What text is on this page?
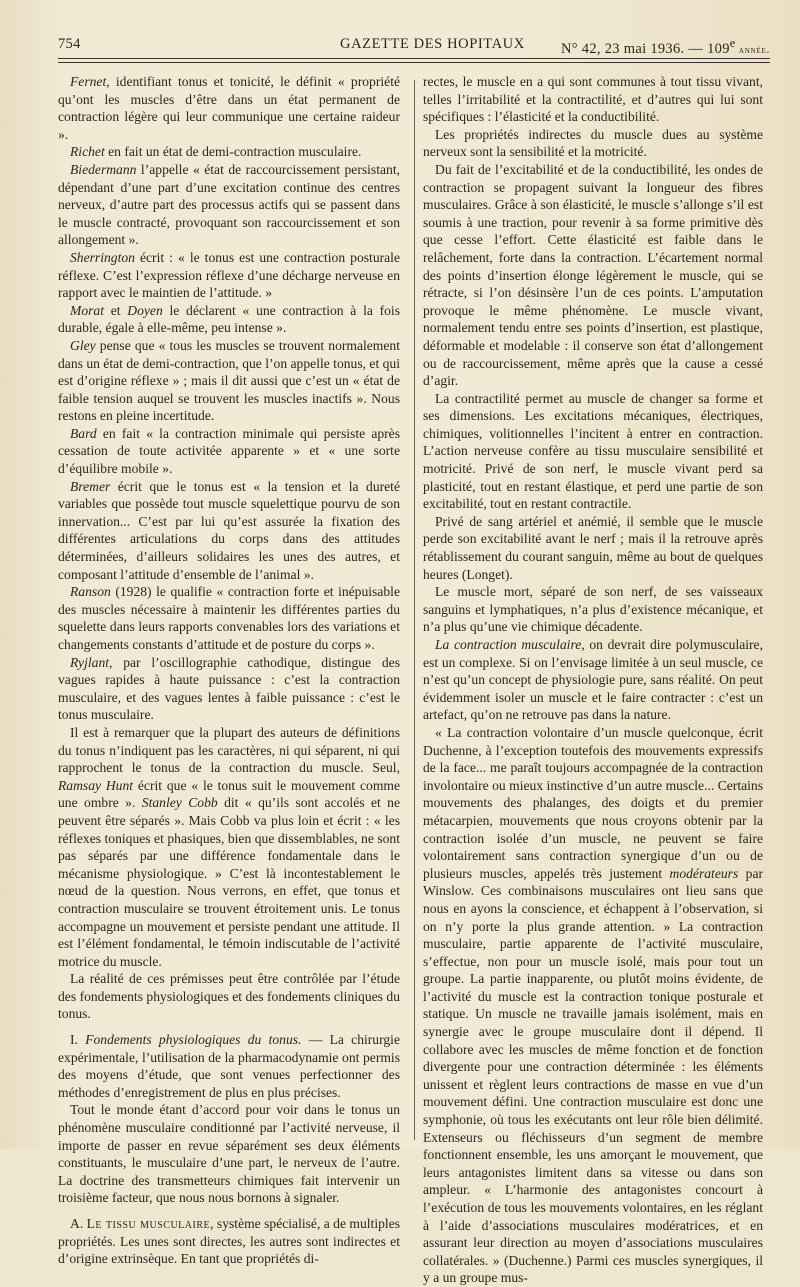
754	GAZETTE DES HOPITAUX N° 42, 23 mai 1936. — 109e année.

Fernet, identifiant tonus et tonicité, le définit « propriété qu’ont les muscles d’être dans un état permanent de contraction légère qui leur communique une certaine raideur ».

Richet en fait un état de demi-contraction musculaire.

Biedermann l’appelle « état de raccourcissement persistant, dépendant d’une part d’une excitation continue des centres nerveux, d’autre part des processus actifs qui se passent dans le muscle contracté, provoquant son raccourcissement et son allongement ».

Sherrington écrit : « le tonus est une contraction posturale réflexe. C’est l’expression réflexe d’une décharge nerveuse en rapport avec le maintien de l’attitude. »

Morat et Doyen le déclarent « une contraction à la fois durable, égale à elle-même, peu intense ».

Gley pense que « tous les muscles se trouvent normalement dans un état de demi-contraction, que l’on appelle tonus, et qui est d’origine réflexe » ; mais il dit aussi que c’est un « état de faible tension auquel se trouvent les muscles inactifs ». Nous restons en pleine incertitude.

Bard en fait « la contraction minimale qui persiste après cessation de toute activitée apparente » et « une sorte d’équilibre mobile ».

Bremer écrit que le tonus est « la tension et la dureté variables que possède tout muscle squelettique pourvu de son innervation... C’est par lui qu’est assurée la fixation des différentes articulations du corps dans des attitudes déterminées, d’ailleurs solidaires les unes des autres, et composant l’attitude d’ensemble de l’animal ».

Ranson (1928) le qualifie « contraction forte et inépuisable des muscles nécessaire à maintenir les différentes parties du squelette dans leurs rapports convenables lors des variations et changements constants d’attitude et de posture du corps ».

Ryjlant, par l’oscillographie cathodique, distingue des vagues rapides à haute puissance : c’est la contraction musculaire, et des vagues lentes à faible puissance : c’est le tonus musculaire.

Il est à remarquer que la plupart des auteurs de définitions du tonus n’indiquent pas les caractères, ni qui séparent, ni qui rapprochent le tonus de la contraction du muscle. Seul, Ramsay Hunt écrit que « le tonus suit le mouvement comme une ombre ». Stanley Cobb dit « qu’ils sont accolés et ne peuvent être séparés ». Mais Cobb va plus loin et écrit : « les réflexes toniques et phasiques, bien que dissemblables, ne sont pas séparés par une différence fondamentale dans le mécanisme physiologique. » C’est là incontestablement le nœud de la question. Nous verrons, en effet, que tonus et contraction musculaire se trouvent étroitement unis. Le tonus accompagne un mouvement et persiste pendant une attitude. Il est l’élément fondamental, le témoin indiscutable de l’activité motrice du muscle.

La réalité de ces prémisses peut être contrôlée par l’étude des fondements physiologiques et des fondements cliniques du tonus.

I. Fondements physiologiques du tonus. — La chirurgie expérimentale, l’utilisation de la pharmacodynamie ont permis des moyens d’étude, que sont venues perfectionner des méthodes d’enregistrement de plus en plus précises.

Tout le monde étant d’accord pour voir dans le tonus un phénomène musculaire conditionné par l’activité nerveuse, il importe de passer en revue séparément ses deux éléments constituants, le musculaire d’une part, le nerveux de l’autre. La doctrine des transmetteurs chimiques fait intervenir un troisième facteur, que nous nous bornons à signaler.

A. Le tissu musculaire, système spécialisé, a de multiples propriétés. Les unes sont directes, les autres sont indirectes et d’origine extrinsèque. En tant que propriétés di-

rectes, le muscle en a qui sont communes à tout tissu vivant, telles l’irritabilité et la contractilité, et d’autres qui lui sont spécifiques : l’élasticité et la conductibilité.

Les propriétés indirectes du muscle dues au système nerveux sont la sensibilité et la motricité.

Du fait de l’excitabilité et de la conductibilité, les ondes de contraction se propagent suivant la longueur des fibres musculaires. Grâce à son élasticité, le muscle s’allonge s’il est soumis à une traction, pour revenir à sa forme primitive dès que cesse l’effort. Cette élasticité est faible dans le relâchement, forte dans la contraction. L’écartement normal des points d’insertion élonge légèrement le muscle, qui se rétracte, si l’on désinsère l’un de ces points. L’amputation provoque le même phénomène. Le muscle vivant, normalement tendu entre ses points d’insertion, est plastique, déformable et modelable : il conserve son état d’allongement ou de raccourcissement, même après que la cause a cessé d’agir.

La contractilité permet au muscle de changer sa forme et ses dimensions. Les excitations mécaniques, électriques, chimiques, volitionnelles l’incitent à entrer en contraction. L’action nerveuse confère au tissu musculaire sensibilité et motricité. Privé de son nerf, le muscle vivant perd sa plasticité, tout en restant élastique, et perd une partie de son excitabilité, tout en restant contractile.

Privé de sang artériel et anémié, il semble que le muscle perde son excitabilité avant le nerf ; mais il la retrouve après rétablissement du courant sanguin, même au bout de quelques heures (Longet).

Le muscle mort, séparé de son nerf, de ses vaisseaux sanguins et lymphatiques, n’a plus d’existence mécanique, et n’a plus qu’une vie chimique décadente.

La contraction musculaire, on devrait dire polymusculaire, est un complexe. Si on l’envisage limitée à un seul muscle, ce n’est qu’un concept de physiologie pure, sans réalité. On peut évidemment isoler un muscle et le faire contracter : c’est un artefact, qu’on ne retrouve pas dans la nature.

« La contraction volontaire d’un muscle quelconque, écrit Duchenne, à l’exception toutefois des mouvements expressifs de la face... me paraît toujours accompagnée de la contraction involontaire ou mieux instinctive d’un autre muscle... Certains mouvements des phalanges, des doigts et du premier métacarpien, mouvements que nous croyons obtenir par la contraction isolée d’un muscle, ne peuvent se faire volontairement sans contraction synergique d’un ou de plusieurs muscles, appelés très justement modérateurs par Winslow. Ces combinaisons musculaires ont lieu sans que nous en ayons la conscience, et échappent à l’observation, si on n’y porte la plus grande attention. » La contraction musculaire, partie apparente de l’activité musculaire, s’effectue, non pour un muscle isolé, mais pour tout un groupe. La partie inapparente, ou plutôt moins évidente, de l’activité du muscle est la contraction tonique posturale et statique. Un muscle ne travaille jamais isolément, mais en synergie avec le groupe musculaire dont il dépend. Il collabore avec les muscles de même fonction et de fonction divergente pour une contraction déterminée : les éléments unissent et règlent leurs contractions de masse en vue d’un mouvement défini. Une contraction musculaire est donc une symphonie, où tous les exécutants ont leur rôle bien délimité. Extenseurs ou fléchisseurs d’un segment de membre fonctionnent ensemble, les uns amorçant le mouvement, que leurs antagonistes limitent dans sa vitesse ou dans son ampleur. « L’harmonie des antagonistes concourt à l’exécution de tous les mouvements volontaires, en les réglant à l’aide d’associations musculaires modératrices, et en assurant leur direction au moyen d’associations musculaires collatérales. » (Duchenne.) Parmi ces muscles synergiques, il y a un groupe mus-
